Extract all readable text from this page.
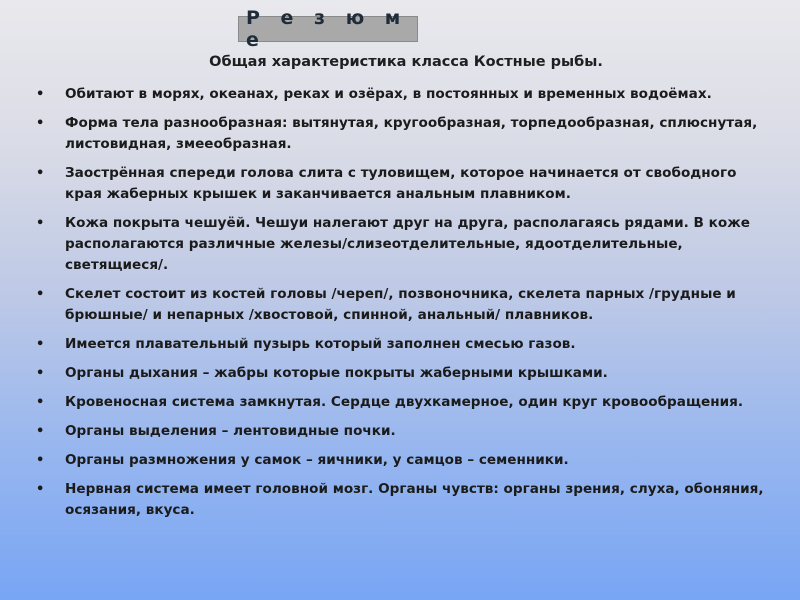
Р е з ю м е
Общая характеристика класса Костные рыбы.
• Обитают в морях, океанах, реках и озёрах, в постоянных и временных водоёмах.
• Форма тела разнообразная: вытянутая, кругообразная, торпедообразная, сплюснутая, листовидная, змееобразная.
• Заострённая спереди голова слита с туловищем, которое начинается от свободного края жаберных крышек и заканчивается анальным плавником.
• Кожа покрыта чешуёй. Чешуи налегают друг на друга, располагаясь рядами. В коже располагаются различные железы/слизеотделительные, ядоотделительные, светящиеся/.
• Скелет состоит из костей головы /череп/, позвоночника, скелета парных /грудные и брюшные/ и непарных /хвостовой, спинной, анальный/ плавников.
• Имеется плавательный пузырь который заполнен смесью газов.
• Органы дыхания – жабры которые покрыты жаберными крышками.
• Кровеносная система замкнутая. Сердце двухкамерное, один круг кровообращения.
• Органы выделения – лентовидные почки.
• Органы размножения у самок – яичники, у самцов – семенники.
• Нервная система имеет головной мозг. Органы чувств: органы зрения, слуха, обоняния, осязания, вкуса.
